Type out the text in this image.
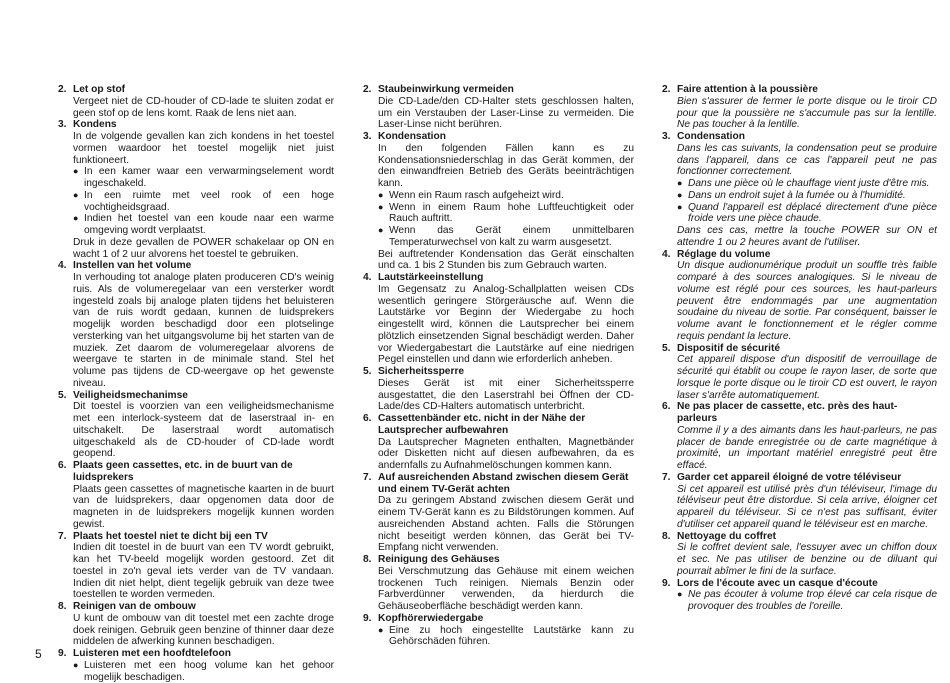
2. Let op stof
Vergeet niet de CD-houder of CD-lade te sluiten zodat er geen stof op de lens komt. Raak de lens niet aan.
3. Kondens
In de volgende gevallen kan zich kondens in het toestel vormen waardoor het toestel mogelijk niet juist funktioneert.
● In een kamer waar een verwarmingselement wordt ingeschakeld.
● In een ruimte met veel rook of een hoge vochtigheidsgraad.
● Indien het toestel van een koude naar een warme omgeving wordt verplaatst.
Druk in deze gevallen de POWER schakelaar op ON en wacht 1 of 2 uur alvorens het toestel te gebruiken.
4. Instellen van het volume
In verhouding tot analoge platen produceren CD's weinig ruis. Als de volumeregelaar van een versterker wordt ingesteld zoals bij analoge platen tijdens het beluisteren van de ruis wordt gedaan, kunnen de luidsprekers mogelijk worden beschadigd door een plotselinge versterking van het uitgangsvolume bij het starten van de muziek. Zet daarom de volumeregelaar alvorens de weergave te starten in de minimale stand. Stel het volume pas tijdens de CD-weergave op het gewenste niveau.
5. Veiligheidsmechanimse
Dit toestel is voorzien van een veiligheidsmechanisme met een interlock-systeem dat de laserstraal in- en uitschakelt. De laserstraal wordt automatisch uitgeschakeld als de CD-houder of CD-lade wordt geopend.
6. Plaats geen cassettes, etc. in de buurt van de luidsprekers
Plaats geen cassettes of magnetische kaarten in de buurt van de luidsprekers, daar opgenomen data door de magneten in de luidsprekers mogelijk kunnen worden gewist.
7. Plaats het toestel niet te dicht bij een TV
Indien dit toestel in de buurt van een TV wordt gebruikt, kan het TV-beeld mogelijk worden gestoord. Zet dit toestel in zo'n geval iets verder van de TV vandaan. Indien dit niet helpt, dient tegelijk gebruik van deze twee toestellen te worden vermeden.
8. Reinigen van de ombouw
U kunt de ombouw van dit toestel met een zachte droge doek reinigen. Gebruik geen benzine of thinner daar deze middelen de afwerking kunnen beschadigen.
9. Luisteren met een hoofdtelefoon
● Luisteren met een hoog volume kan het gehoor mogelijk beschadigen.
2. Staubeinwirkung vermeiden
Die CD-Lade/den CD-Halter stets geschlossen halten, um ein Verstauben der Laser-Linse zu vermeiden. Die Laser-Linse nicht berühren.
3. Kondensation
In den folgenden Fällen kann es zu Kondensationsniederschlag in das Gerät kommen, der den einwandfreien Betrieb des Geräts beeinträchtigen kann.
● Wenn ein Raum rasch aufgeheizt wird.
● Wenn in einem Raum hohe Luftfeuchtigkeit oder Rauch auftritt.
● Wenn das Gerät einem unmittelbaren Temperaturwechsel von kalt zu warm ausgesetzt.
Bei auftretender Kondensation das Gerät einschalten und ca. 1 bis 2 Stunden bis zum Gebrauch warten.
4. Lautstärkeeinstellung
Im Gegensatz zu Analog-Schallplatten weisen CDs wesentlich geringere Störgeräusche auf. Wenn die Lautstärke vor Beginn der Wiedergabe zu hoch eingestellt wird, können die Lautsprecher bei einem plötzlich einsetzenden Signal beschädigt werden. Daher vor Wiedergabestart die Lautstärke auf eine niedrigen Pegel einstellen und dann wie erforderlich anheben.
5. Sicherheitssperre
Dieses Gerät ist mit einer Sicherheitssperre ausgestattet, die den Laserstrahl bei Öffnen der CD-Lade/des CD-Halters automatisch unterbricht.
6. Cassettenbänder etc. nicht in der Nähe der Lautsprecher aufbewahren
Da Lautsprecher Magneten enthalten, Magnetbänder oder Disketten nicht auf diesen aufbewahren, da es andernfalls zu Aufnahmelöschungen kommen kann.
7. Auf ausreichenden Abstand zwischen diesem Gerät und einem TV-Gerät achten
Da zu geringem Abstand zwischen diesem Gerät und einem TV-Gerät kann es zu Bildstörungen kommen. Auf ausreichenden Abstand achten. Falls die Störungen nicht beseitigt werden können, das Gerät bei TV-Empfang nicht verwenden.
8. Reinigung des Gehäuses
Bei Verschmutzung das Gehäuse mit einem weichen trockenen Tuch reinigen. Niemals Benzin oder Farbverdünner verwenden, da hierdurch die Gehäuseoberfläche beschädigt werden kann.
9. Kopfhörerwiedergabe
● Eine zu hoch eingestellte Lautstärke kann zu Gehörschäden führen.
2. Faire attention à la poussière
Bien s'assurer de fermer le porte disque ou le tiroir CD pour que la poussière ne s'accumule pas sur la lentille. Ne pas toucher à la lentille.
3. Condensation
Dans les cas suivants, la condensation peut se produire dans l'appareil, dans ce cas l'appareil peut ne pas fonctionner correctement.
● Dans une pièce où le chauffage vient juste d'être mis.
● Dans un endroit sujet à la fumée ou à l'humidité.
● Quand l'appareil est déplacé directement d'une pièce froide vers une pièce chaude.
Dans ces cas, mettre la touche POWER sur ON et attendre 1 ou 2 heures avant de l'utiliser.
4. Réglage du volume
Un disque audionumérique produit un souffle très faible comparé à des sources analogiques. Si le niveau de volume est réglé pour ces sources, les haut-parleurs peuvent être endommagés par une augmentation soudaine du niveau de sortie. Par conséquent, baisser le volume avant le fonctionnement et le régler comme requis pendant la lecture.
5. Dispositif de sécurité
Cet appareil dispose d'un dispositif de verrouillage de sécurité qui établit ou coupe le rayon laser, de sorte que lorsque le porte disque ou le tiroir CD est ouvert, le rayon laser s'arrête automatiquement.
6. Ne pas placer de cassette, etc. près des haut-parleurs
Comme il y a des aimants dans les haut-parleurs, ne pas placer de bande enregistrée ou de carte magnétique à proximité, un important matériel enregistré peut être effacé.
7. Garder cet appareil éloigné de votre téléviseur
Si cet appareil est utilisé près d'un téléviseur, l'image du téléviseur peut être distordue. Si cela arrive, éloigner cet appareil du téléviseur. Si ce n'est pas suffisant, éviter d'utiliser cet appareil quand le téléviseur est en marche.
8. Nettoyage du coffret
Si le coffret devient sale, l'essuyer avec un chiffon doux et sec. Ne pas utiliser de benzine ou de diluant qui pourrait abîmer le fini de la surface.
9. Lors de l'écoute avec un casque d'écoute
● Ne pas écouter à volume trop élevé car cela risque de provoquer des troubles de l'oreille.
5
